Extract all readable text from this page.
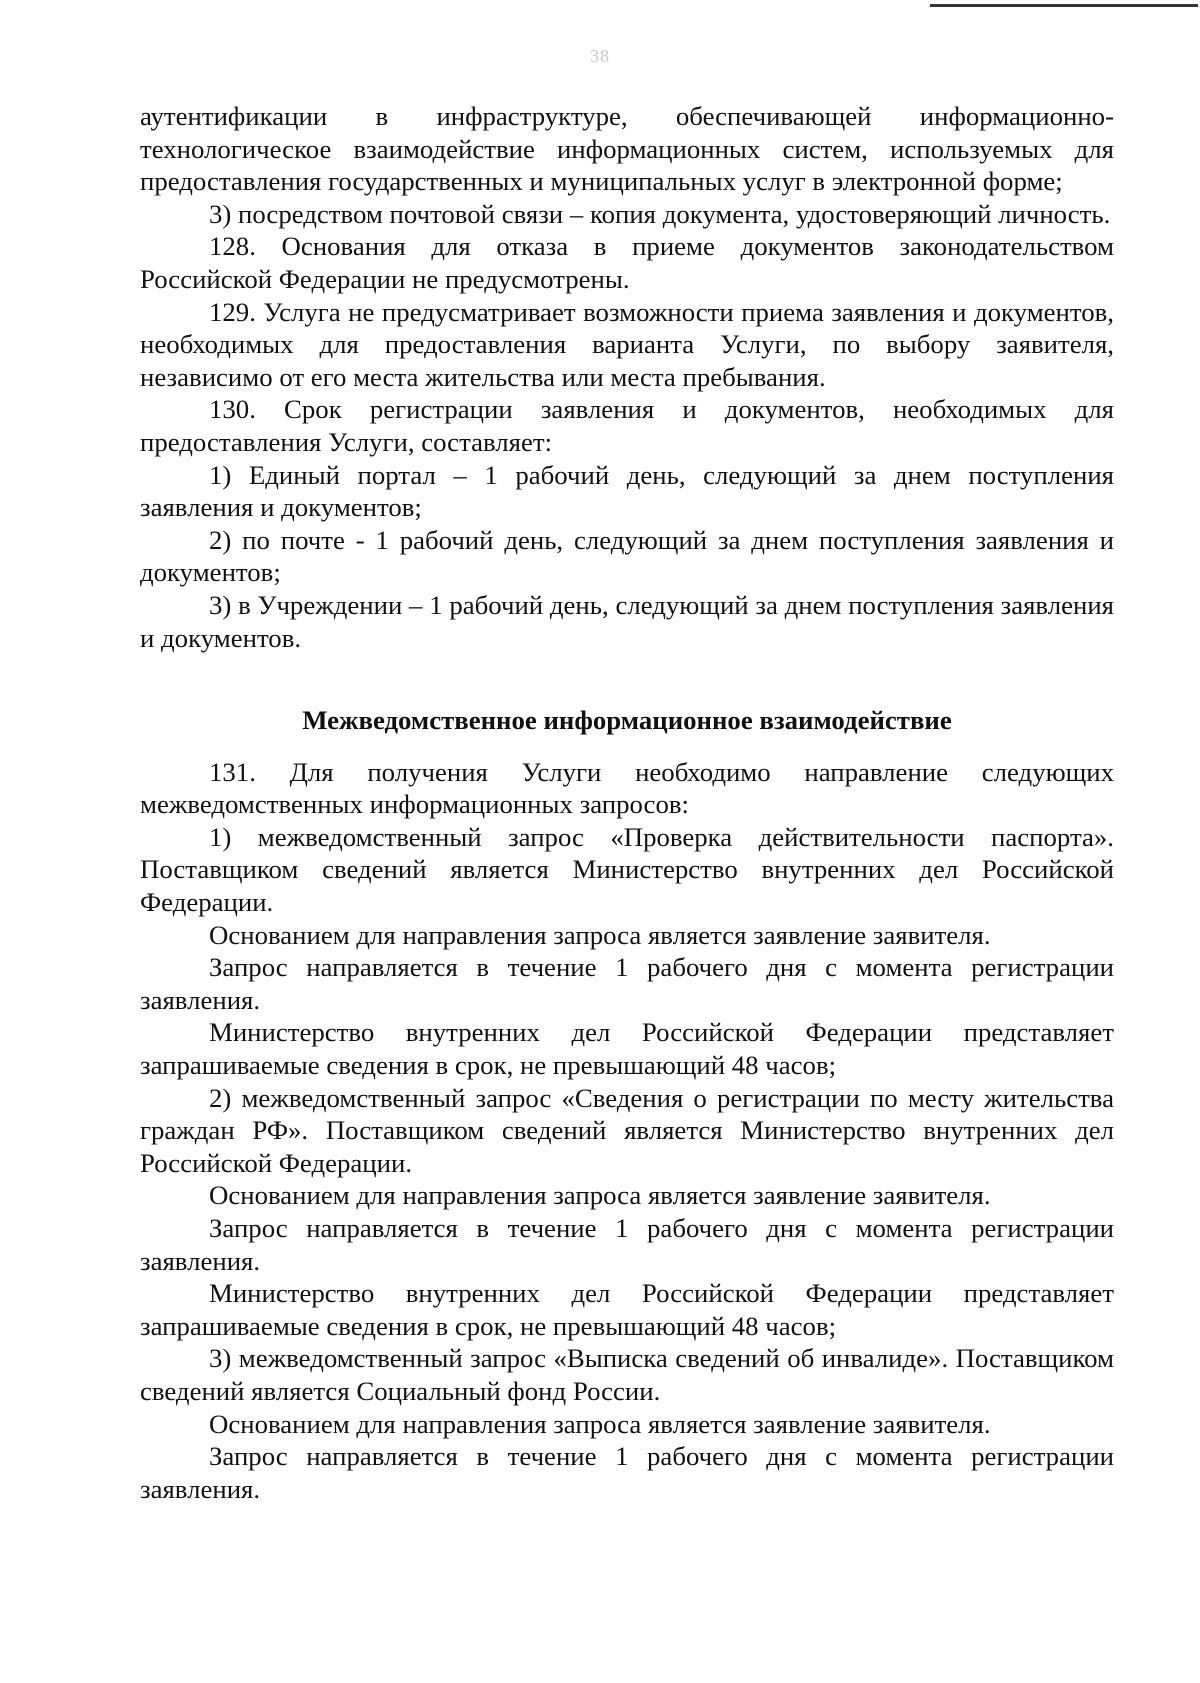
38

аутентификации в инфраструктуре, обеспечивающей информационно-технологическое взаимодействие информационных систем, используемых для предоставления государственных и муниципальных услуг в электронной форме;

3) посредством почтовой связи – копия документа, удостоверяющий личность.

128. Основания для отказа в приеме документов законодательством Российской Федерации не предусмотрены.

129. Услуга не предусматривает возможности приема заявления и документов, необходимых для предоставления варианта Услуги, по выбору заявителя, независимо от его места жительства или места пребывания.

130. Срок регистрации заявления и документов, необходимых для предоставления Услуги, составляет:

1) Единый портал – 1 рабочий день, следующий за днем поступления заявления и документов;

2) по почте - 1 рабочий день, следующий за днем поступления заявления и документов;

3) в Учреждении – 1 рабочий день, следующий за днем поступления заявления и документов.

Межведомственное информационное взаимодействие

131. Для получения Услуги необходимо направление следующих межведомственных информационных запросов:

1) межведомственный запрос «Проверка действительности паспорта». Поставщиком сведений является Министерство внутренних дел Российской Федерации.

Основанием для направления запроса является заявление заявителя.

Запрос направляется в течение 1 рабочего дня с момента регистрации заявления.

Министерство внутренних дел Российской Федерации представляет запрашиваемые сведения в срок, не превышающий 48 часов;

2) межведомственный запрос «Сведения о регистрации по месту жительства граждан РФ». Поставщиком сведений является Министерство внутренних дел Российской Федерации.

Основанием для направления запроса является заявление заявителя.

Запрос направляется в течение 1 рабочего дня с момента регистрации заявления.

Министерство внутренних дел Российской Федерации представляет запрашиваемые сведения в срок, не превышающий 48 часов;

3) межведомственный запрос «Выписка сведений об инвалиде». Поставщиком сведений является Социальный фонд России.

Основанием для направления запроса является заявление заявителя.

Запрос направляется в течение 1 рабочего дня с момента регистрации заявления.
